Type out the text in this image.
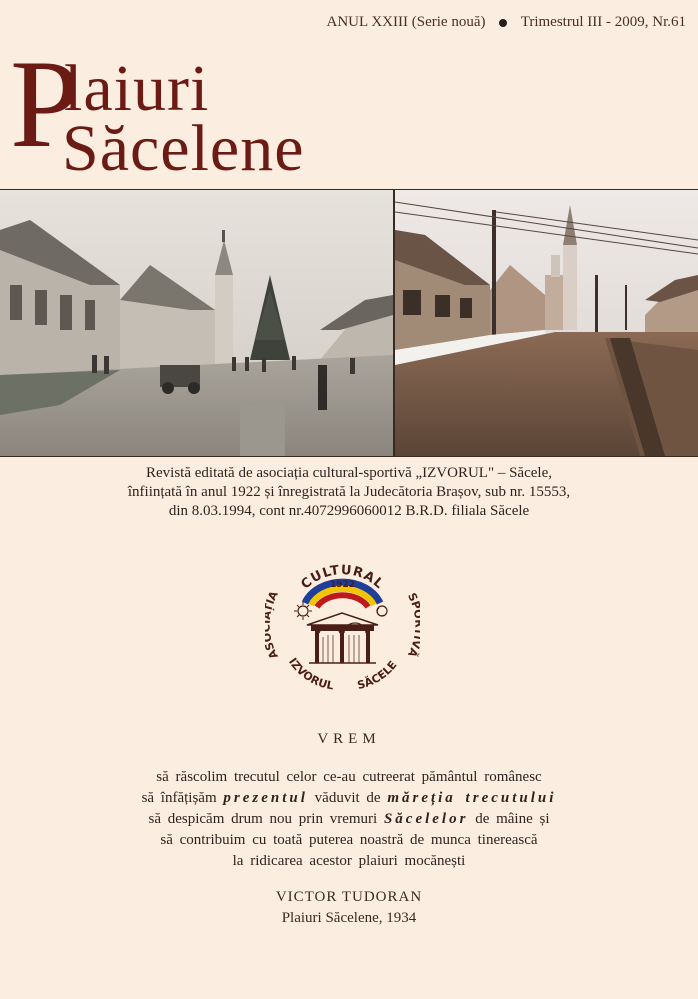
ANUL XXIII (Serie nouă) Trimestrul III - 2009, Nr.61
P
laiuri
Săcelene
Revistă editată de asociația cultural-sportivă „IZVORUL" – Săcele,
înființată în anul 1922 și înregistrată la Judecătoria Brașov, sub nr. 15553,
din 8.03.1994, cont nr.4072996060012 B.R.D. filiala Săcele
1922
CULTURAL
A A	S Ă
IZVORUL SĂCELE
VREM
să răscolim trecutul celor ce-au cutreerat pământul românesc
să înfățișăm prezentul văduvit de măreția trecutului
să despicăm drum nou prin vremuri Săcelelor de mâine și
să contribuim cu toată puterea noastră de munca tinerească
la ridicarea acestor plaiuri mocănești
VICTOR TUDORAN
Plaiuri Săcelene, 1934
